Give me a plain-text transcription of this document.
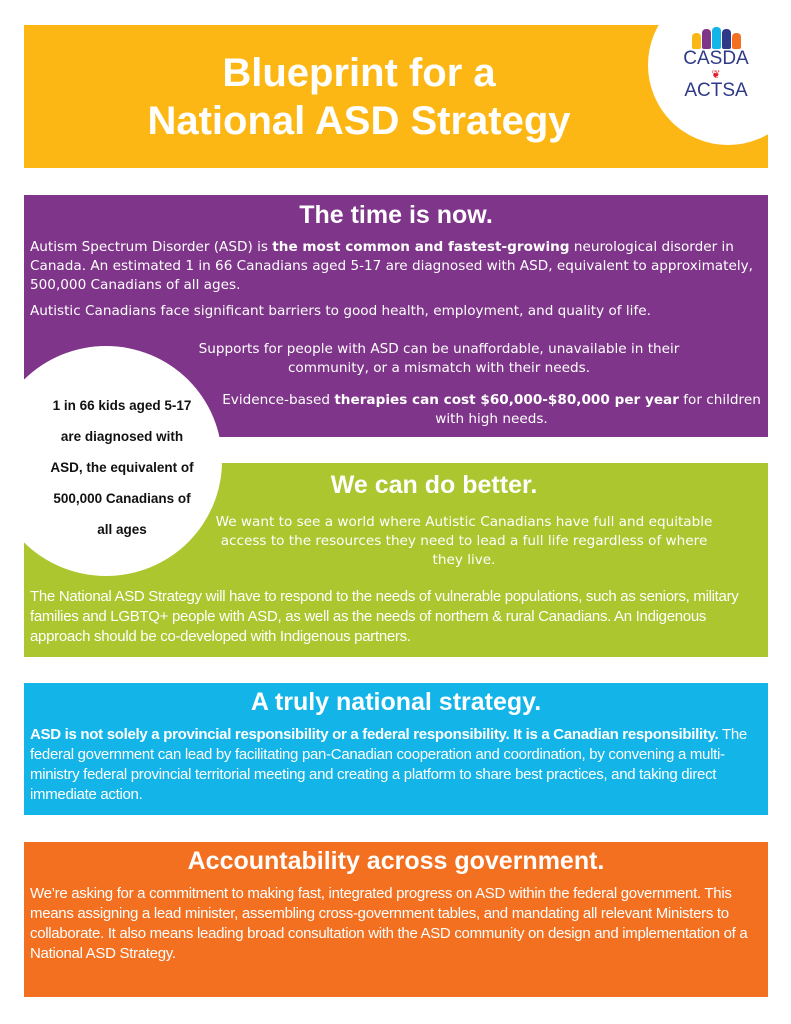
Blueprint for a
National ASD Strategy
CASDA
❦
ACTSA
The time is now.
Autism Spectrum Disorder (ASD) is the most common and fastest-growing neurological disorder in Canada. An estimated 1 in 66 Canadians aged 5-17 are diagnosed with ASD, equivalent to approximately, 500,000 Canadians of all ages.
Autistic Canadians face significant barriers to good health, employment, and quality of life.
Supports for people with ASD can be unaffordable, unavailable in their community, or a mismatch with their needs.
Evidence-based therapies can cost $60,000-$80,000 per year for children with high needs.
We can do better.
We want to see a world where Autistic Canadians have full and equitable access to the resources they need to lead a full life regardless of where they live.
The National ASD Strategy will have to respond to the needs of vulnerable populations, such as seniors, military families and LGBTQ+ people with ASD, as well as the needs of northern & rural Canadians. An Indigenous approach should be co-developed with Indigenous partners.
1 in 66 kids aged 5-17
are diagnosed with
ASD, the equivalent of
500,000 Canadians of
all ages
A truly national strategy.
ASD is not solely a provincial responsibility or a federal responsibility. It is a Canadian responsibility. The federal government can lead by facilitating pan-Canadian cooperation and coordination, by convening a multi-ministry federal provincial territorial meeting and creating a platform to share best practices, and taking direct immediate action.
Accountability across government.
We’re asking for a commitment to making fast, integrated progress on ASD within the federal government. This means assigning a lead minister, assembling cross-government tables, and mandating all relevant Ministers to collaborate. It also means leading broad consultation with the ASD community on design and implementation of a National ASD Strategy.
